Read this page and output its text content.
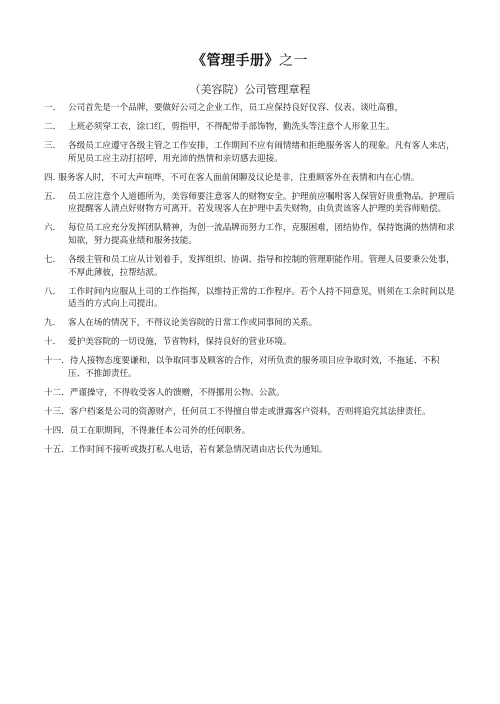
《管理手册》之一
（美容院）公司管理章程
一． 公司首先是一个品牌，要做好公司之企业工作，员工应保持良好仪容、仪表、谈吐高雅，
二． 上班必须穿工衣，涂口红，剪指甲，不得配带手部饰物，勤洗头等注意个人形象卫生。
三． 各级员工应遵守各级主管之工作安排，工作期间不应有闹情绪和拒绝服务客人的现象。凡有客人来店，所见员工应主动打招呼，用充沛的热情和亲切感去迎接。
四. 服务客人时，不可大声喧哗，不可在客人面前闲聊及议论是非，注重顾客外在表情和内在心情。
五． 员工应注意个人道德所为，美容师要注意客人的财物安全。护理前应嘱咐客人保管好贵重物品。护理后应提醒客人清点好财物方可离开。若发现客人在护理中丢失财物，由负责该客人护理的美容师赔偿。
六． 每位员工应充分发挥团队精神，为创一流品牌而努力工作，克服困难，团结协作，保持饱满的热情和求知欲，努力提高业绩和服务技能。
七． 各级主管和员工应从计划着手，发挥组织、协调、指导和控制的管理职能作用。管理人员要秉公处事，不厚此薄彼，拉帮结派。
八． 工作时间内应服从上司的工作指挥，以维持正常的工作程序。若个人持不同意见，则须在工余时间以是适当的方式向上司提出。
九． 客人在场的情况下，不得议论美容院的日常工作或同事间的关系。
十． 爱护美容院的一切设施，节省物料，保持良好的营业环境。
十一．待人接物态度要谦和，以争取同事及顾客的合作，对所负责的服务项目应争取时效，不拖延、不积压、不推卸责任。
十二．严谨操守，不得收受客人的馈赠，不得挪用公物、公款。
十三．客户档案是公司的资源财产，任何员工不得擅自带走或泄露客户资料，否则将追究其法律责任。
十四．员工在职期间，不得兼任本公司外的任何职务。
十五．工作时间不接听或拨打私人电话，若有紧急情况请由店长代为通知。
